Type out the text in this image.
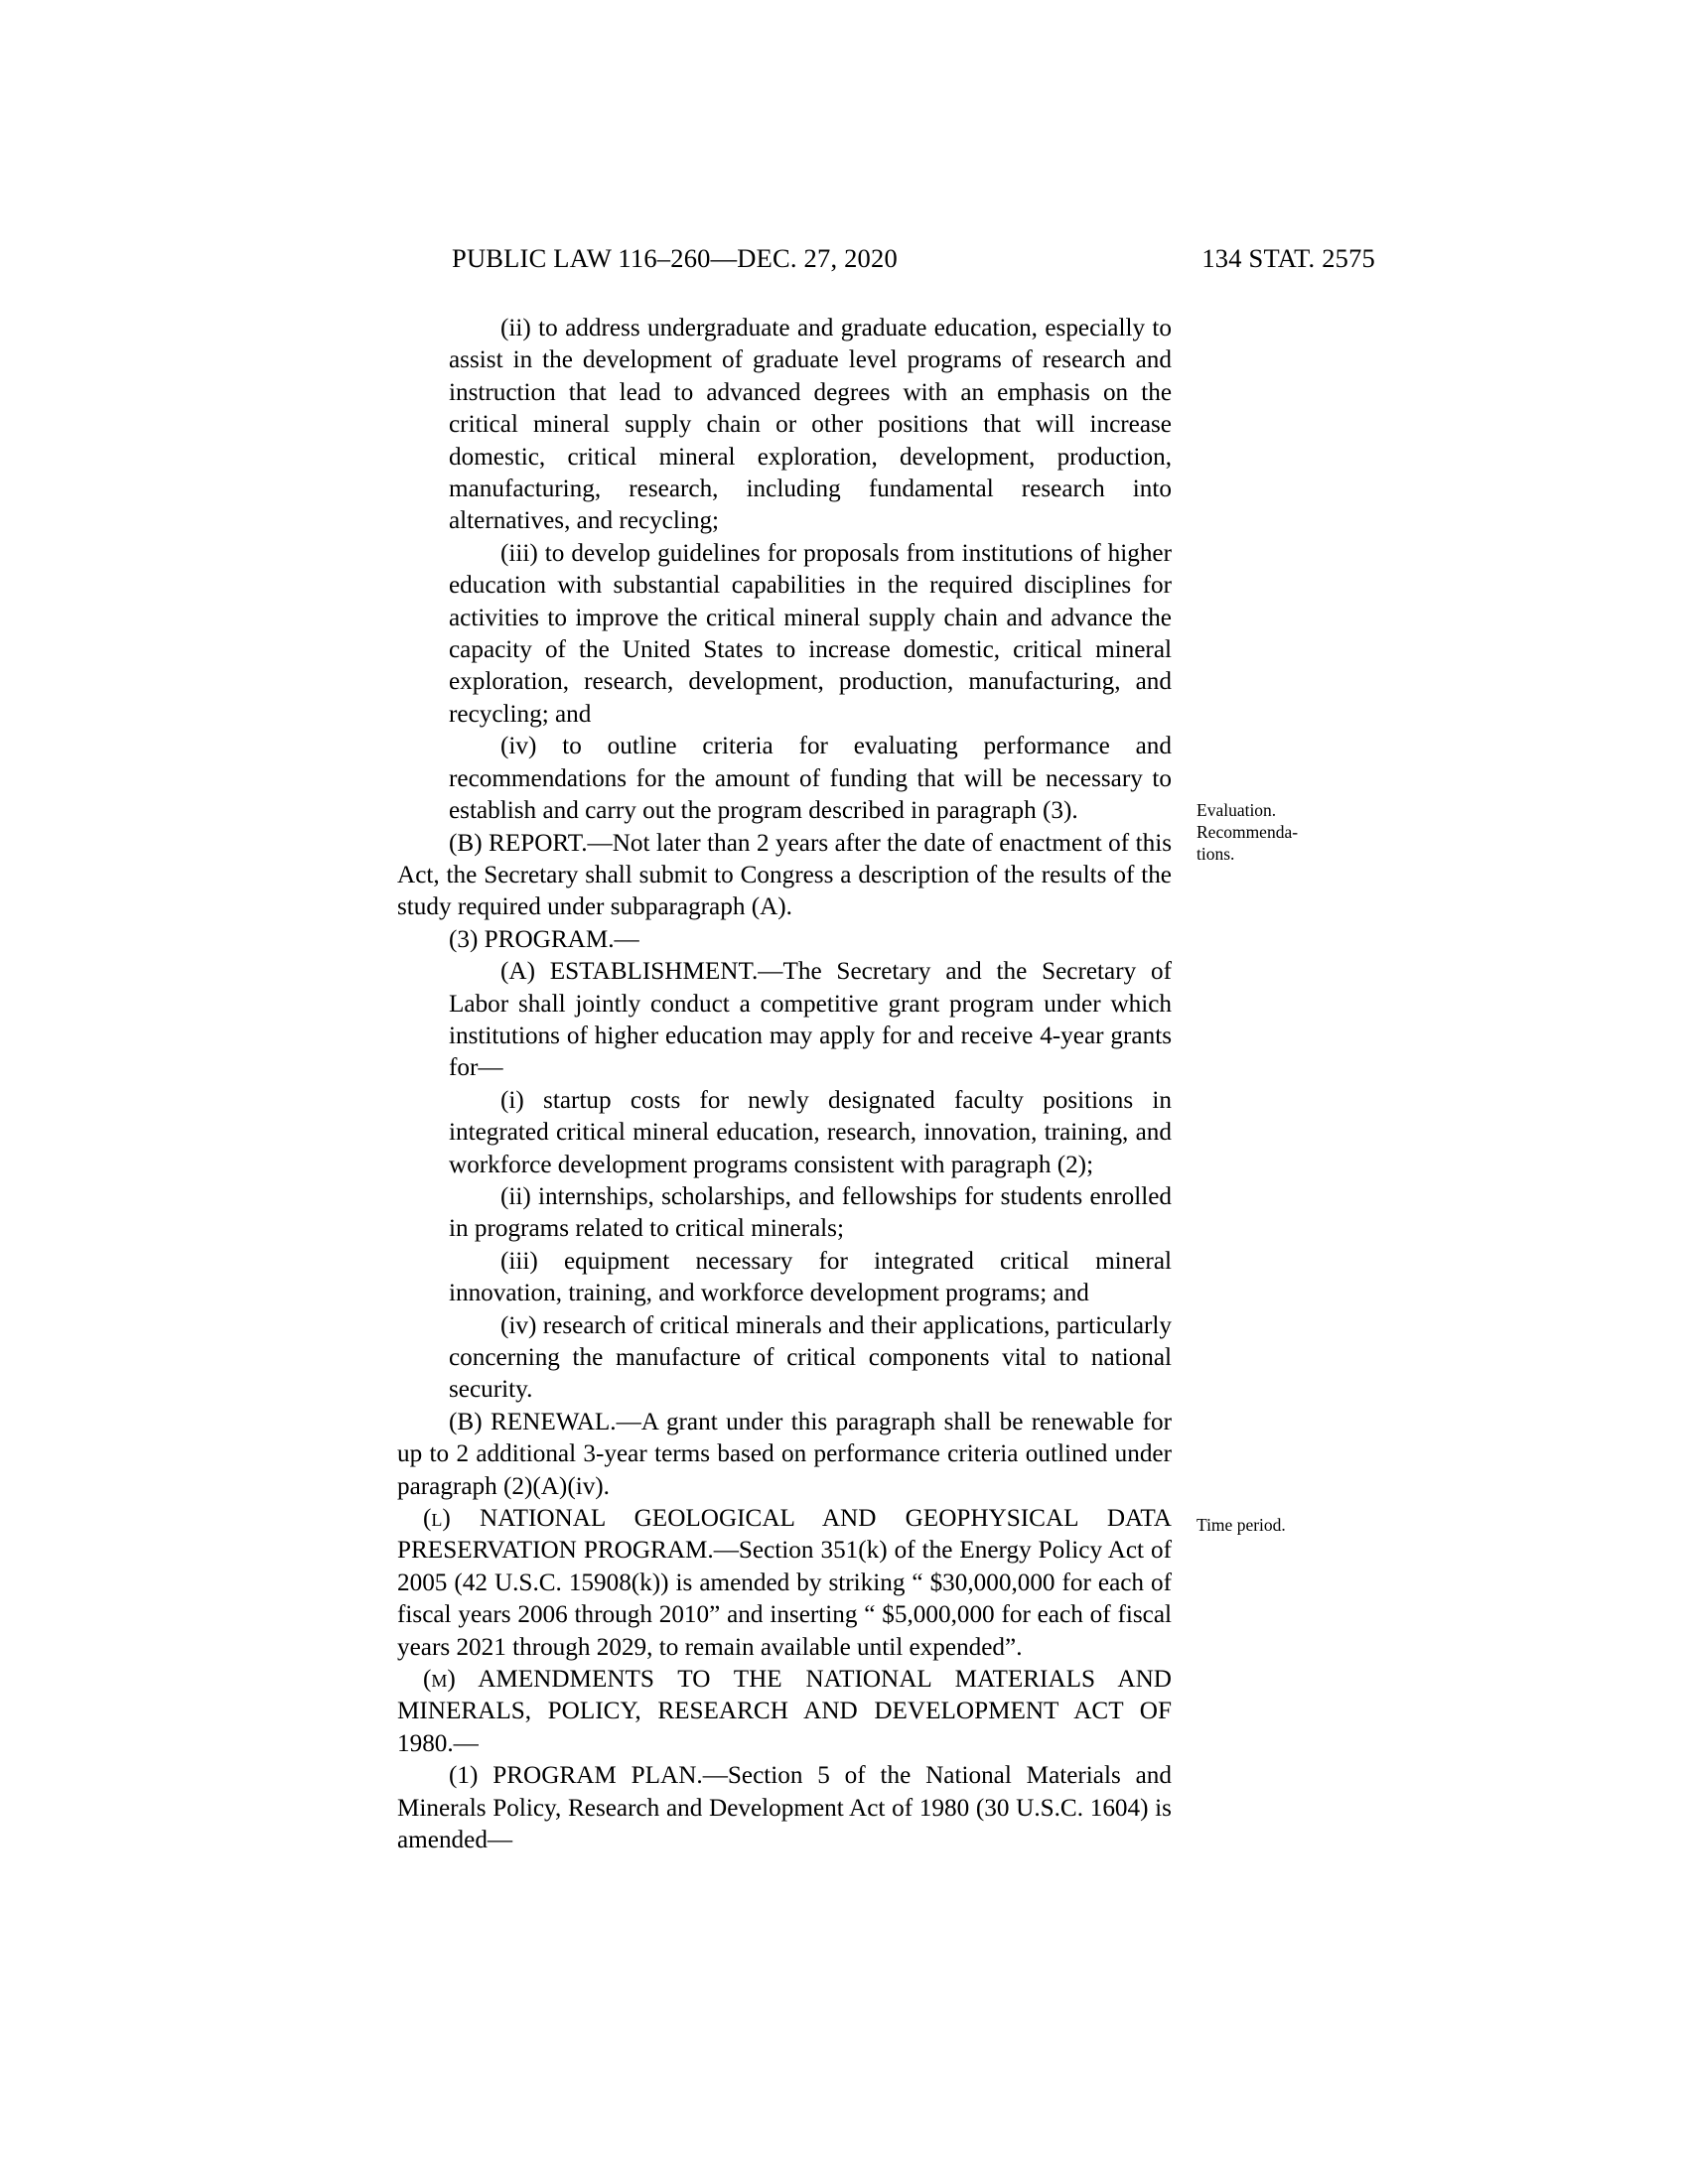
PUBLIC LAW 116–260—DEC. 27, 2020	134 STAT. 2575
Evaluation.
Recommenda-
tions.
Time period.

(ii) to address undergraduate and graduate education, especially to assist in the development of graduate level programs of research and instruction that lead to advanced degrees with an emphasis on the critical mineral supply chain or other positions that will increase domestic, critical mineral exploration, development, production, manufacturing, research, including fundamental research into alternatives, and recycling;

(iii) to develop guidelines for proposals from institutions of higher education with substantial capabilities in the required disciplines for activities to improve the critical mineral supply chain and advance the capacity of the United States to increase domestic, critical mineral exploration, research, development, production, manufacturing, and recycling; and

(iv) to outline criteria for evaluating performance and recommendations for the amount of funding that will be necessary to establish and carry out the program described in paragraph (3).

(B) REPORT.—Not later than 2 years after the date of enactment of this Act, the Secretary shall submit to Congress a description of the results of the study required under subparagraph (A).

(3) PROGRAM.—

(A) ESTABLISHMENT.—The Secretary and the Secretary of Labor shall jointly conduct a competitive grant program under which institutions of higher education may apply for and receive 4-year grants for—

(i) startup costs for newly designated faculty positions in integrated critical mineral education, research, innovation, training, and workforce development programs consistent with paragraph (2);

(ii) internships, scholarships, and fellowships for students enrolled in programs related to critical minerals;

(iii) equipment necessary for integrated critical mineral innovation, training, and workforce development programs; and

(iv) research of critical minerals and their applications, particularly concerning the manufacture of critical components vital to national security.

(B) RENEWAL.—A grant under this paragraph shall be renewable for up to 2 additional 3-year terms based on performance criteria outlined under paragraph (2)(A)(iv).

(l) NATIONAL GEOLOGICAL AND GEOPHYSICAL DATA PRESERVATION PROGRAM.—Section 351(k) of the Energy Policy Act of 2005 (42 U.S.C. 15908(k)) is amended by striking “ $30,000,000 for each of fiscal years 2006 through 2010” and inserting “ $5,000,000 for each of fiscal years 2021 through 2029, to remain available until expended”.

(m) AMENDMENTS TO THE NATIONAL MATERIALS AND MINERALS, POLICY, RESEARCH AND DEVELOPMENT ACT OF 1980.—

(1) PROGRAM PLAN.—Section 5 of the National Materials and Minerals Policy, Research and Development Act of 1980 (30 U.S.C. 1604) is amended—
